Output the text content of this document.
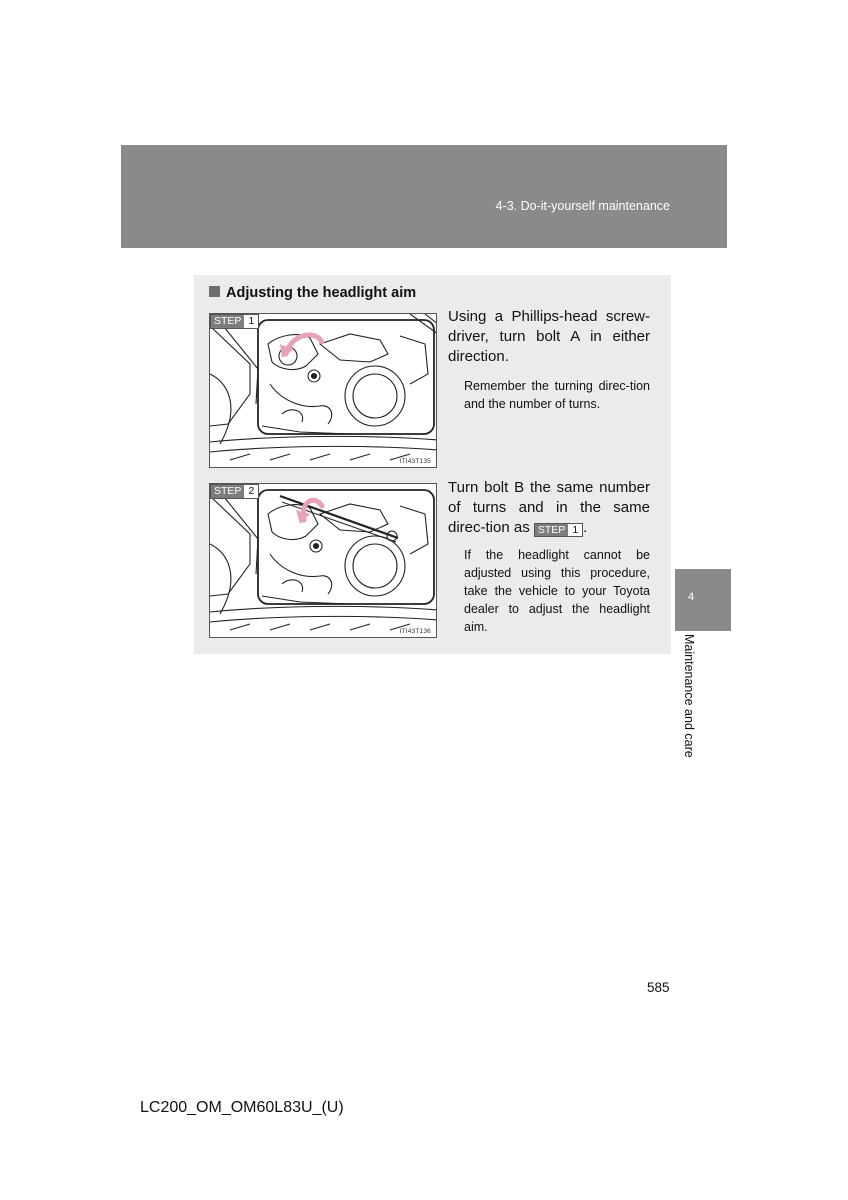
4-3. Do-it-yourself maintenance
4
Maintenance and care
Adjusting the headlight aim
STEP 1
ITI43T135
Using a Phillips-head screw-driver, turn bolt A in either direction.
Remember the turning direc-tion and the number of turns.
STEP 2
ITI43T136
Turn bolt B the same number of turns and in the same direc-tion as STEP 1 .
If the headlight cannot be adjusted using this procedure, take the vehicle to your Toyota dealer to adjust the headlight aim.
585
LC200_OM_OM60L83U_(U)
